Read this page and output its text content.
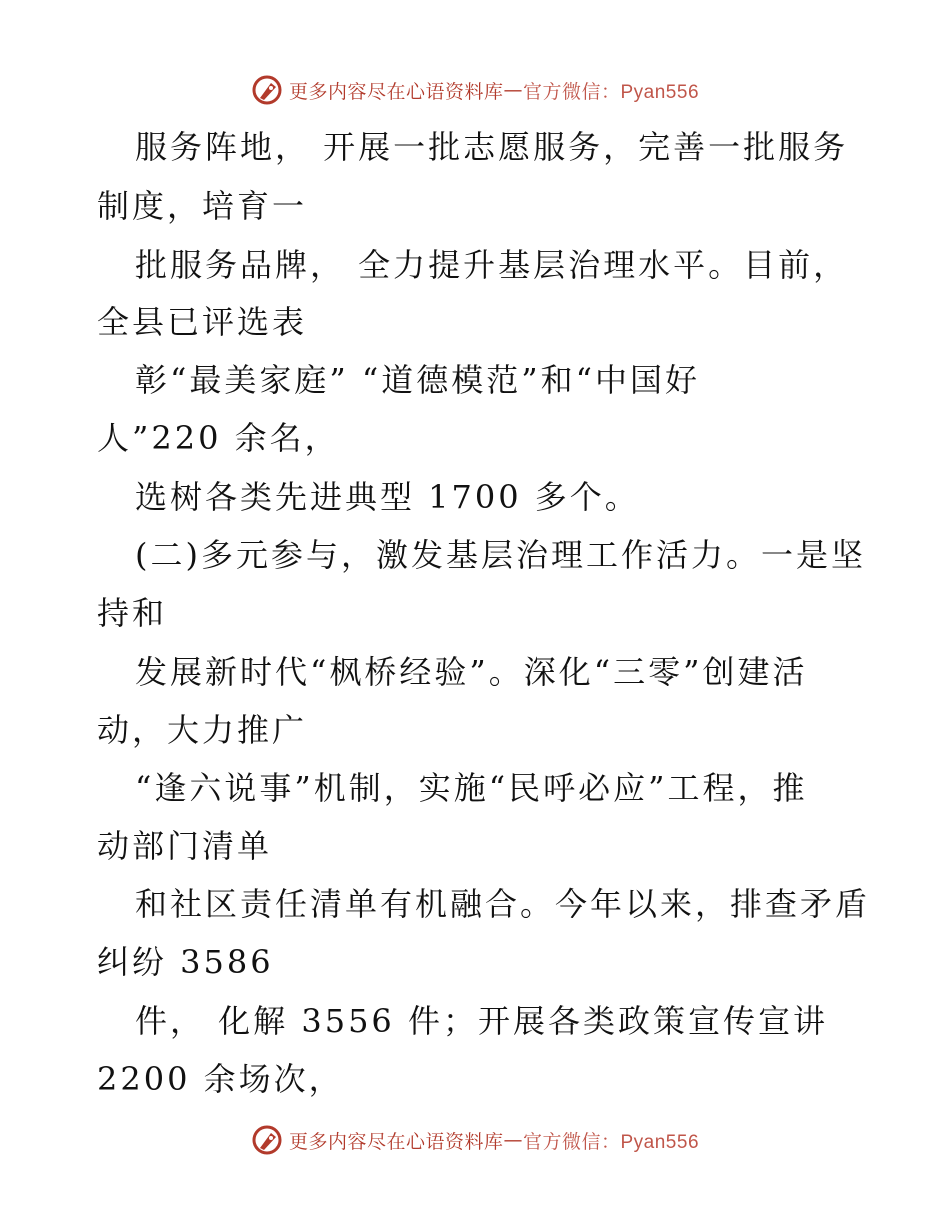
更多内容尽在心语资料库 — 官方微信：Pyan556
服务阵地， 开展一批志愿服务，完善一批服务
制度，培育一
批服务品牌， 全力提升基层治理水平。目前，
全县已评选表
彰“最美家庭” “道德模范”和“中国好
人”220 余名，
选树各类先进典型 1700 多个。
(二)多元参与，激发基层治理工作活力。一是坚
持和
发展新时代“枫桥经验”。深化“三零”创建活
动，大力推广
“逢六说事”机制，实施“民呼必应”工程，推
动部门清单
和社区责任清单有机融合。今年以来，排查矛盾
纠纷 3586
件， 化解 3556 件；开展各类政策宣传宣讲
2200 余场次，
更多内容尽在心语资料库 — 官方微信：Pyan556
